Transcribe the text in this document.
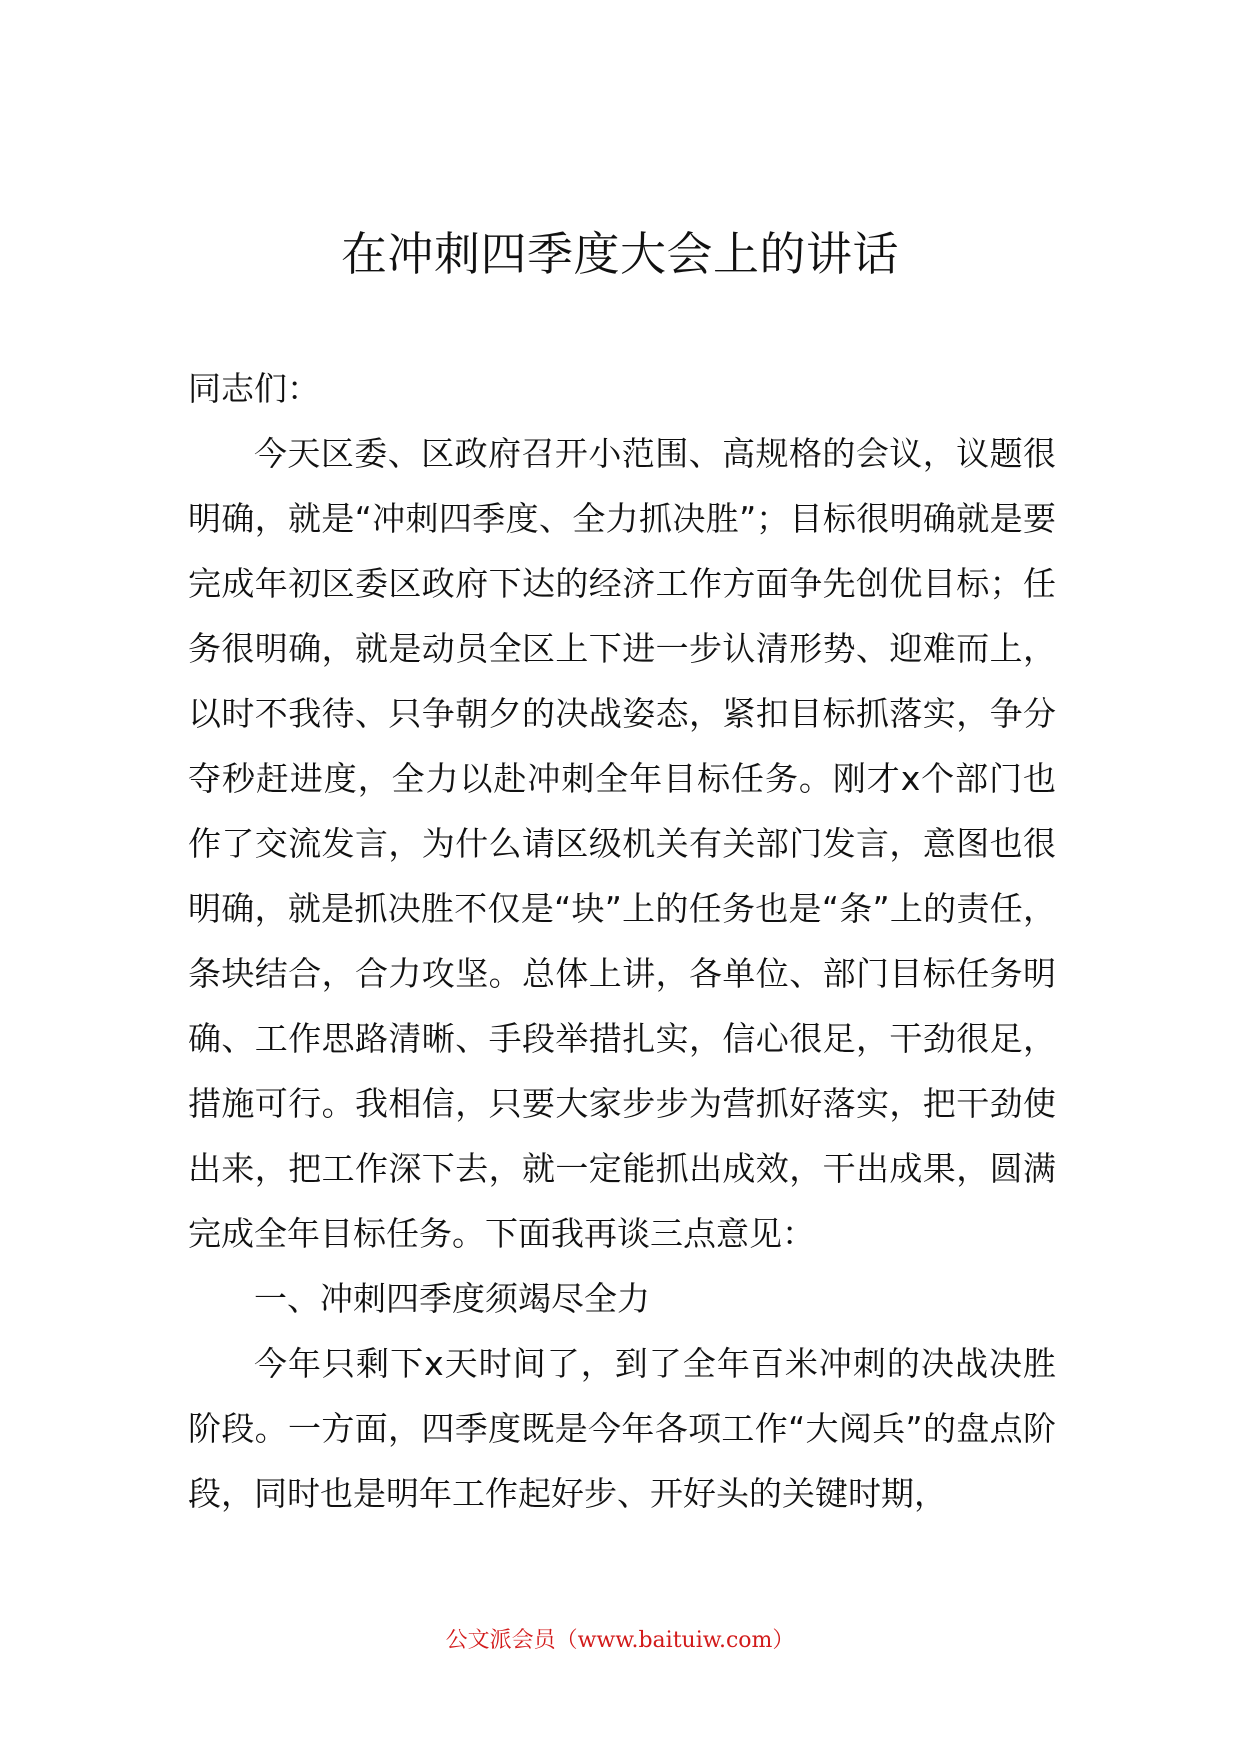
在冲刺四季度大会上的讲话

同志们：

今天区委、区政府召开小范围、高规格的会议，议题很明确，就是“冲刺四季度、全力抓决胜”；目标很明确就是要完成年初区委区政府下达的经济工作方面争先创优目标；任务很明确，就是动员全区上下进一步认清形势、迎难而上，以时不我待、只争朝夕的决战姿态，紧扣目标抓落实，争分夺秒赶进度，全力以赴冲刺全年目标任务。刚才x个部门也作了交流发言，为什么请区级机关有关部门发言，意图也很明确，就是抓决胜不仅是“块”上的任务也是“条”上的责任，条块结合，合力攻坚。总体上讲，各单位、部门目标任务明确、工作思路清晰、手段举措扎实，信心很足，干劲很足，措施可行。我相信，只要大家步步为营抓好落实，把干劲使出来，把工作深下去，就一定能抓出成效，干出成果，圆满完成全年目标任务。下面我再谈三点意见：

一、冲刺四季度须竭尽全力

今年只剩下x天时间了，到了全年百米冲刺的决战决胜阶段。一方面，四季度既是今年各项工作“大阅兵”的盘点阶段，同时也是明年工作起好步、开好头的关键时期，

公文派会员（www.baituiw.com）
